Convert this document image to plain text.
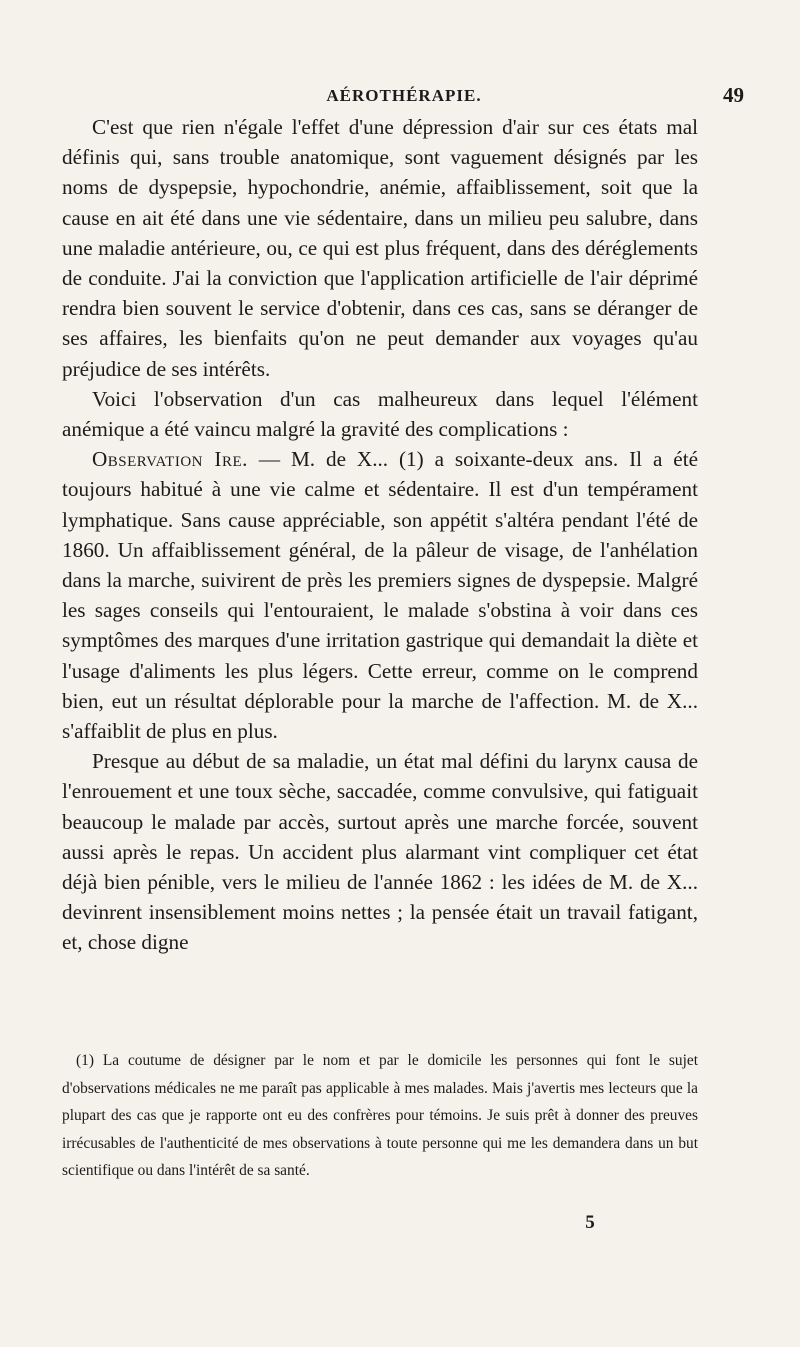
AÉROTHÉRAPIE.	49

C'est que rien n'égale l'effet d'une dépression d'air sur ces états mal définis qui, sans trouble anatomique, sont vaguement désignés par les noms de dyspepsie, hypochondrie, anémie, affaiblissement, soit que la cause en ait été dans une vie sédentaire, dans un milieu peu salubre, dans une maladie antérieure, ou, ce qui est plus fréquent, dans des déréglements de conduite. J'ai la conviction que l'application artificielle de l'air déprimé rendra bien souvent le service d'obtenir, dans ces cas, sans se déranger de ses affaires, les bienfaits qu'on ne peut demander aux voyages qu'au préjudice de ses intérêts.

Voici l'observation d'un cas malheureux dans lequel l'élément anémique a été vaincu malgré la gravité des complications :

Observation Ire. — M. de X... (1) a soixante-deux ans. Il a été toujours habitué à une vie calme et sédentaire. Il est d'un tempérament lymphatique. Sans cause appréciable, son appétit s'altéra pendant l'été de 1860. Un affaiblissement général, de la pâleur de visage, de l'anhélation dans la marche, suivirent de près les premiers signes de dyspepsie. Malgré les sages conseils qui l'entouraient, le malade s'obstina à voir dans ces symptômes des marques d'une irritation gastrique qui demandait la diète et l'usage d'aliments les plus légers. Cette erreur, comme on le comprend bien, eut un résultat déplorable pour la marche de l'affection. M. de X... s'affaiblit de plus en plus.

Presque au début de sa maladie, un état mal défini du larynx causa de l'enrouement et une toux sèche, saccadée, comme convulsive, qui fatiguait beaucoup le malade par accès, surtout après une marche forcée, souvent aussi après le repas. Un accident plus alarmant vint compliquer cet état déjà bien pénible, vers le milieu de l'année 1862 : les idées de M. de X... devinrent insensiblement moins nettes ; la pensée était un travail fatigant, et, chose digne

(1) La coutume de désigner par le nom et par le domicile les personnes qui font le sujet d'observations médicales ne me paraît pas applicable à mes malades. Mais j'avertis mes lecteurs que la plupart des cas que je rapporte ont eu des confrères pour témoins. Je suis prêt à donner des preuves irrécusables de l'authenticité de mes observations à toute personne qui me les demandera dans un but scientifique ou dans l'intérêt de sa santé.

5
